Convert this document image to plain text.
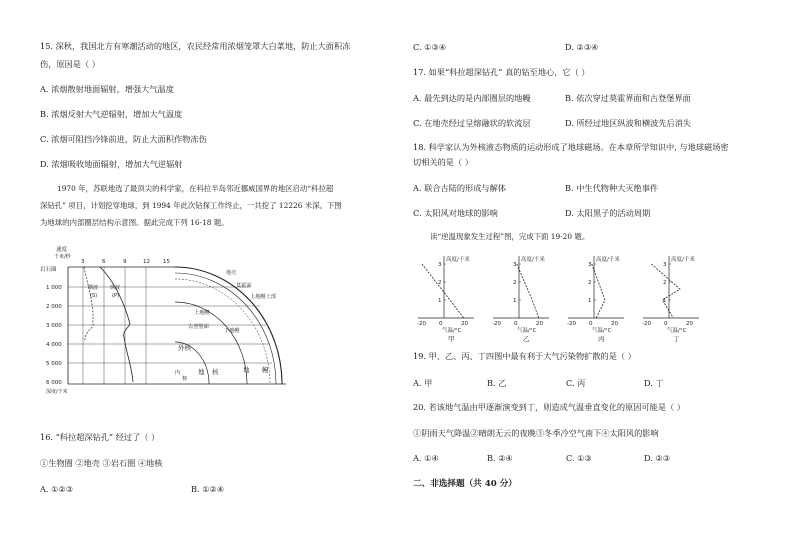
15. 深秋，我国北方有寒潮活动的地区，农民经常用浓烟笼罩大白菜地，防止大面积冻
伤，原因是（ ）
A. 浓烟散射地面辐射，增强大气温度
B. 浓烟反射大气逆辐射，增加大气温度
C. 浓烟可阻挡冷锋前进，防止大面积作物冻伤
D. 浓烟吸收地面辐射，增加大气逆辐射
1970 年，苏联地选了最顶尖的科学家，在科拉半岛邻近挪威国界的地区启动“科拉超
深钻孔” 项目，计划挖穿地球，到 1994 年此次钻探工作终止，一共挖了 12226 米深。下图
为地球的内部圈层结构示意图。据此完成下列 16-18 题。
速度
千米/秒
3	6	9	12 15
岩石圈
1 000
2 000
3 000
4 000
5 000
6 000
深度/千米
横波
(S)
纵波
(P)
地壳
莫霍面
上地幔上部
上地幔
下地幔
古登堡面
外核
内
核
地 核	地 幔
16. “科拉超深钻孔” 经过了（ ）
①生物圈 ②地壳 ③岩石圈 ④地核
A. ①②③	B. ①②④
C. ①③④	D. ②③④
17. 如果“科拉超深钻孔” 真的钻至地心，它（ ）
A. 最先到达的是内部圈层的地幔	B. 依次穿过莫霍界面和古登堡界面
C. 在地壳经过呈熔融状的软流层	D. 所经过地区纵波和横波先后消失
18. 科学家认为外核液态物质的运动形成了地球磁场。在本章所学知识中, 与地球磁场密
切相关的是（ ）
A. 联合古陆的形成与解体	B. 中生代物种大灭绝事件
C. 太阳风对地球的影响	D. 太阳黑子的活动周期
读“逆温现象发生过程”图，完成下面 19-20 题。
高度/千米
1
2
3
-20 0	20
气温/°C
甲
高度/千米
1
2
3
-20 0	20
气温/°C
乙
高度/千米
1
2
3
-20 0	20
气温/°C
丙
高度/千米
1
2
3
-20 0	20
气温/°C
丁
19. 甲、乙、丙、丁四图中最有利于大气污染物扩散的是（ ）
A. 甲	B. 乙	C. 丙	D. 丁
20. 若该地气温由甲逐渐演变到丁，则造成气温垂直变化的原因可能是（ ）
①阴雨天气降温②晴朗无云的夜晚③冬季冷空气南下④太阳风的影响
A. ①④	B. ②④	C. ①③	D. ②③
二、非选择题（共 40 分）
